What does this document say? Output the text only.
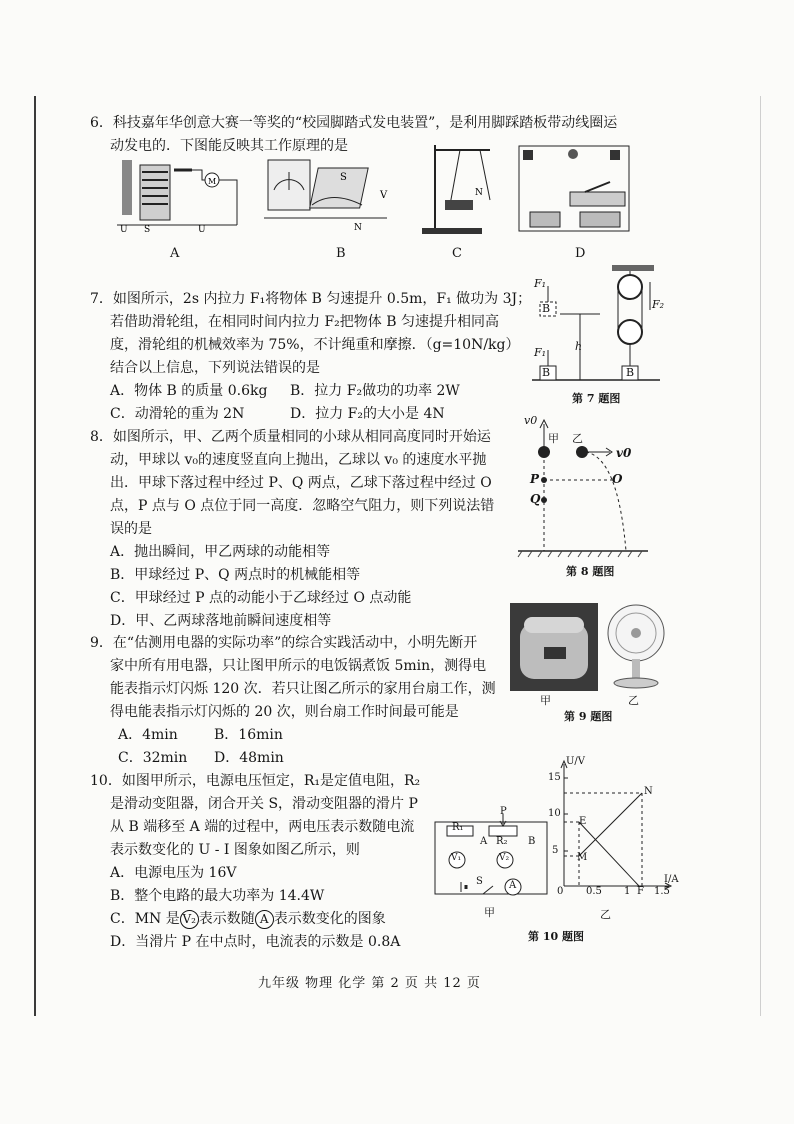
6．科技嘉年华创意大赛一等奖的“校园脚踏式发电装置”，是利用脚踩踏板带动线圈运
动发电的．下图能反映其工作原理的是
M
U S	U
S
V
N
N
A	B	C	D
7．如图所示，2s 内拉力 F₁将物体 B 匀速提升 0.5m，F₁ 做功为 3J；
若借助滑轮组，在相同时间内拉力 F₂把物体 B 匀速提升相同高
度，滑轮组的机械效率为 75%，不计绳重和摩擦．（g=10N/kg）
结合以上信息，下列说法错误的是
A．物体 B 的质量 0.6kg B．拉力 F₂做功的功率 2W
C．动滑轮的重为 2N	D．拉力 F₂的大小是 4N
F₁
B
h
F₁
B
F₂
B
第 7 题图
8．如图所示，甲、乙两个质量相同的小球从相同高度同时开始运
动，甲球以 v₀的速度竖直向上抛出，乙球以 v₀ 的速度水平抛
出．甲球下落过程中经过 P、Q 两点，乙球下落过程中经过 O
点，P 点与 O 点位于同一高度．忽略空气阻力，则下列说法错
误的是
A．抛出瞬间，甲乙两球的动能相等
B．甲球经过 P、Q 两点时的机械能相等
C．甲球经过 P 点的动能小于乙球经过 O 点动能
D．甲、乙两球落地前瞬间速度相等
v0
甲 乙
v0
P	O
Q
第 8 题图
9．在“估测用电器的实际功率”的综合实践活动中，小明先断开
家中所有用电器，只让图甲所示的电饭锅煮饭 5min，测得电
能表指示灯闪烁 120 次．若只让图乙所示的家用台扇工作，测
得电能表指示灯闪烁的 20 次，则台扇工作时间最可能是
A．4min	B．16min
C．32min D．48min
甲	乙
第 9 题图
10．如图甲所示，电源电压恒定，R₁是定值电阻，R₂
是滑动变阻器，闭合开关 S，滑动变阻器的滑片 P
从 B 端移至 A 端的过程中，两电压表示数随电流
表示数变化的 U - I 图象如图乙所示，则
A．电源电压为 16V
B．整个电路的最大功率为 14.4W
C．MN 是 V₂ 表示数随 A 表示数变化的图象
D．当滑片 P 在中点时，电流表的示数是 0.8A
R₁
P
A R₂ B
V₁	V₂
S	A
甲
U/V
I/A
15
10
5
0 0.5 1 F 1.5
N
E
M
乙
第 10 题图
九年级 物理 化学 第 2 页 共 12 页
